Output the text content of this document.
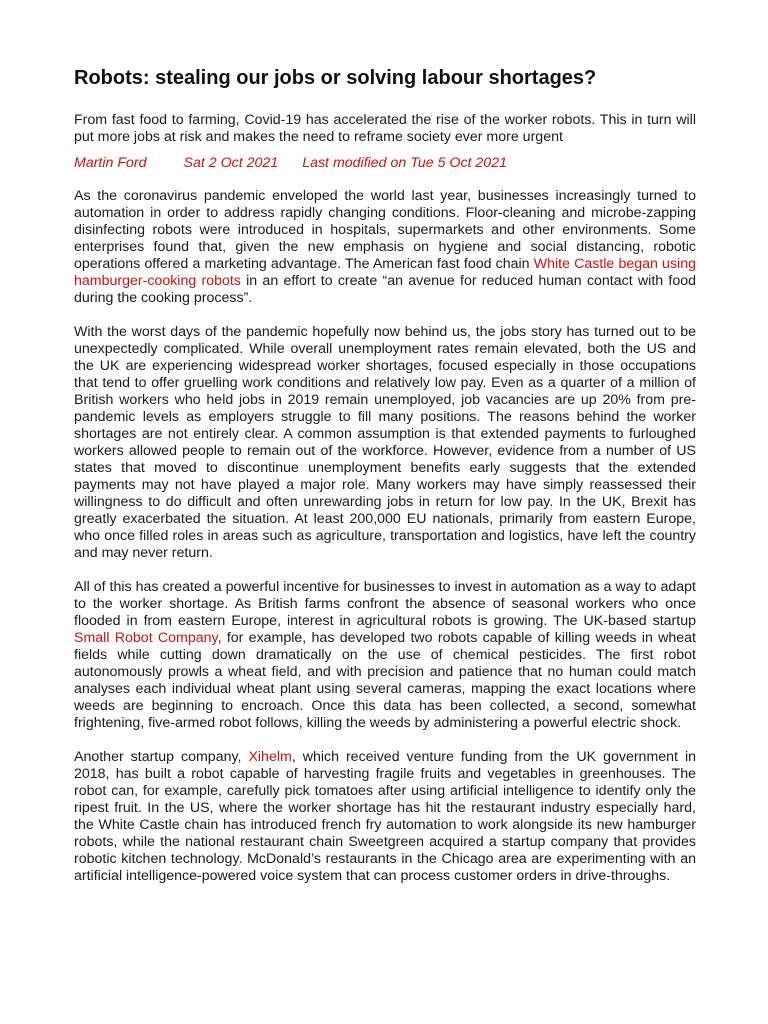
Robots: stealing our jobs or solving labour shortages?

From fast food to farming, Covid-19 has accelerated the rise of the worker robots. This in turn will put more jobs at risk and makes the need to reframe society ever more urgent

Martin Ford	Sat 2 Oct 2021 Last modified on Tue 5 Oct 2021

As the coronavirus pandemic enveloped the world last year, businesses increasingly turned to automation in order to address rapidly changing conditions. Floor-cleaning and microbe-zapping disinfecting robots were introduced in hospitals, supermarkets and other environments. Some enterprises found that, given the new emphasis on hygiene and social distancing, robotic operations offered a marketing advantage. The American fast food chain White Castle began using hamburger-cooking robots in an effort to create “an avenue for reduced human contact with food during the cooking process”.

With the worst days of the pandemic hopefully now behind us, the jobs story has turned out to be unexpectedly complicated. While overall unemployment rates remain elevated, both the US and the UK are experiencing widespread worker shortages, focused especially in those occupations that tend to offer gruelling work conditions and relatively low pay. Even as a quarter of a million of British workers who held jobs in 2019 remain unemployed, job vacancies are up 20% from pre-pandemic levels as employers struggle to fill many positions. The reasons behind the worker shortages are not entirely clear. A common assumption is that extended payments to furloughed workers allowed people to remain out of the workforce. However, evidence from a number of US states that moved to discontinue unemployment benefits early suggests that the extended payments may not have played a major role. Many workers may have simply reassessed their willingness to do difficult and often unrewarding jobs in return for low pay. In the UK, Brexit has greatly exacerbated the situation. At least 200,000 EU nationals, primarily from eastern Europe, who once filled roles in areas such as agriculture, transportation and logistics, have left the country and may never return.

All of this has created a powerful incentive for businesses to invest in automation as a way to adapt to the worker shortage. As British farms confront the absence of seasonal workers who once flooded in from eastern Europe, interest in agricultural robots is growing. The UK-based startup Small Robot Company, for example, has developed two robots capable of killing weeds in wheat fields while cutting down dramatically on the use of chemical pesticides. The first robot autonomously prowls a wheat field, and with precision and patience that no human could match analyses each individual wheat plant using several cameras, mapping the exact locations where weeds are beginning to encroach. Once this data has been collected, a second, somewhat frightening, five-armed robot follows, killing the weeds by administering a powerful electric shock.

Another startup company, Xihelm, which received venture funding from the UK government in 2018, has built a robot capable of harvesting fragile fruits and vegetables in greenhouses. The robot can, for example, carefully pick tomatoes after using artificial intelligence to identify only the ripest fruit. In the US, where the worker shortage has hit the restaurant industry especially hard, the White Castle chain has introduced french fry automation to work alongside its new hamburger robots, while the national restaurant chain Sweetgreen acquired a startup company that provides robotic kitchen technology. McDonald’s restaurants in the Chicago area are experimenting with an artificial intelligence-powered voice system that can process customer orders in drive-throughs.
